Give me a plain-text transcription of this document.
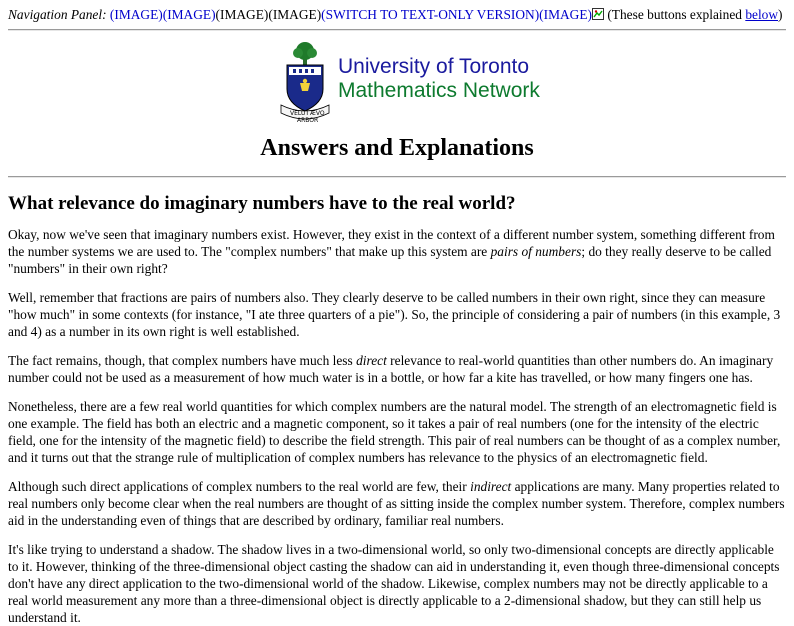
Navigation Panel: (IMAGE)(IMAGE)(IMAGE)(IMAGE)(SWITCH TO TEXT-ONLY VERSION)(IMAGE) (These buttons explained below)
VELUT ÆVO
ARBOR
University of Toronto
Mathematics Network
Answers and Explanations
What relevance do imaginary numbers have to the real world?

Okay, now we've seen that imaginary numbers exist. However, they exist in the context of a different number system, something different from the number systems we are used to. The "complex numbers" that make up this system are pairs of numbers; do they really deserve to be called "numbers" in their own right?

Well, remember that fractions are pairs of numbers also. They clearly deserve to be called numbers in their own right, since they can measure "how much" in some contexts (for instance, "I ate three quarters of a pie"). So, the principle of considering a pair of numbers (in this example, 3 and 4) as a number in its own right is well established.

The fact remains, though, that complex numbers have much less direct relevance to real-world quantities than other numbers do. An imaginary number could not be used as a measurement of how much water is in a bottle, or how far a kite has travelled, or how many fingers one has.

Nonetheless, there are a few real world quantities for which complex numbers are the natural model. The strength of an electromagnetic field is one example. The field has both an electric and a magnetic component, so it takes a pair of real numbers (one for the intensity of the electric field, one for the intensity of the magnetic field) to describe the field strength. This pair of real numbers can be thought of as a complex number, and it turns out that the strange rule of multiplication of complex numbers has relevance to the physics of an electromagnetic field.

Although such direct applications of complex numbers to the real world are few, their indirect applications are many. Many properties related to real numbers only become clear when the real numbers are thought of as sitting inside the complex number system. Therefore, complex numbers aid in the understanding even of things that are described by ordinary, familiar real numbers.

It's like trying to understand a shadow. The shadow lives in a two-dimensional world, so only two-dimensional concepts are directly applicable to it. However, thinking of the three-dimensional object casting the shadow can aid in understanding it, even though three-dimensional concepts don't have any direct application to the two-dimensional world of the shadow. Likewise, complex numbers may not be directly applicable to a real world measurement any more than a three-dimensional object is directly applicable to a 2-dimensional shadow, but they can still help us understand it.
